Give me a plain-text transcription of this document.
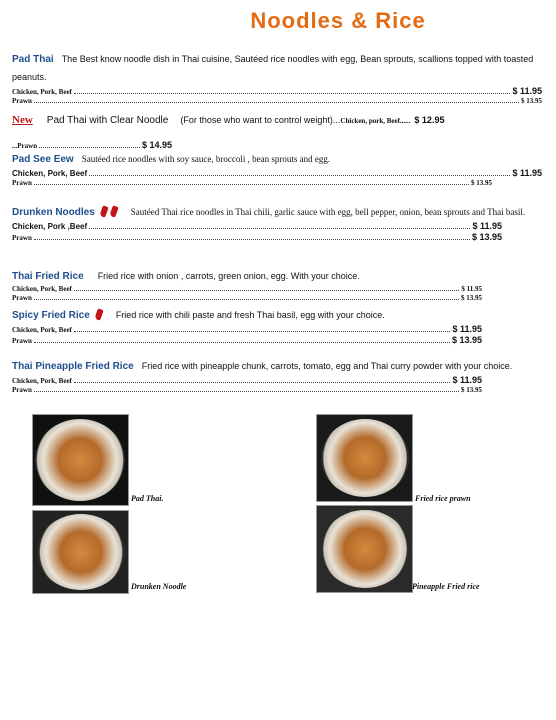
Noodles & Rice
Pad Thai The Best know noodle dish in Thai cuisine, Sautéed rice noodles with egg, Bean sprouts, scallions topped with toasted peanuts.
Chicken, Pork, Beef	$ 11.95
Prawn	$ 13.95
New Pad Thai with Clear Noodle (For those who want to control weight)...Chicken, pork, Beef...... $ 12.95
...Prawn	$ 14.95
Pad See Eew Sautéed rice noodles with soy sauce, broccoli , bean sprouts and egg.
Chicken, Pork, Beef	$ 11.95
Prawn	$ 13.95
Drunken Noodles	Sautéed Thai rice noodles in Thai chili, garlic sauce with egg, bell pepper, onion, bean sprouts and Thai basil.
Chicken, Pork ,Beef	$ 11.95
Prawn	$ 13.95
Thai Fried Rice Fried rice with onion , carrots, green onion, egg. With your choice.
Chicken, Pork, Beef	$ 11.95
Prawn	$ 13.95
Spicy Fried Rice	Fried rice with chili paste and fresh Thai basil, egg with your choice.
Chicken, Pork, Beef	$ 11.95
Prawn	$ 13.95
Thai Pineapple Fried Rice Fried rice with pineapple chunk, carrots, tomato, egg and Thai curry powder with your choice.
Chicken, Pork, Beef	$ 11.95
Prawn	$ 13.95
Pad Thai.	Fried rice prawn
Drunken Noodle	Pineapple Fried rice
